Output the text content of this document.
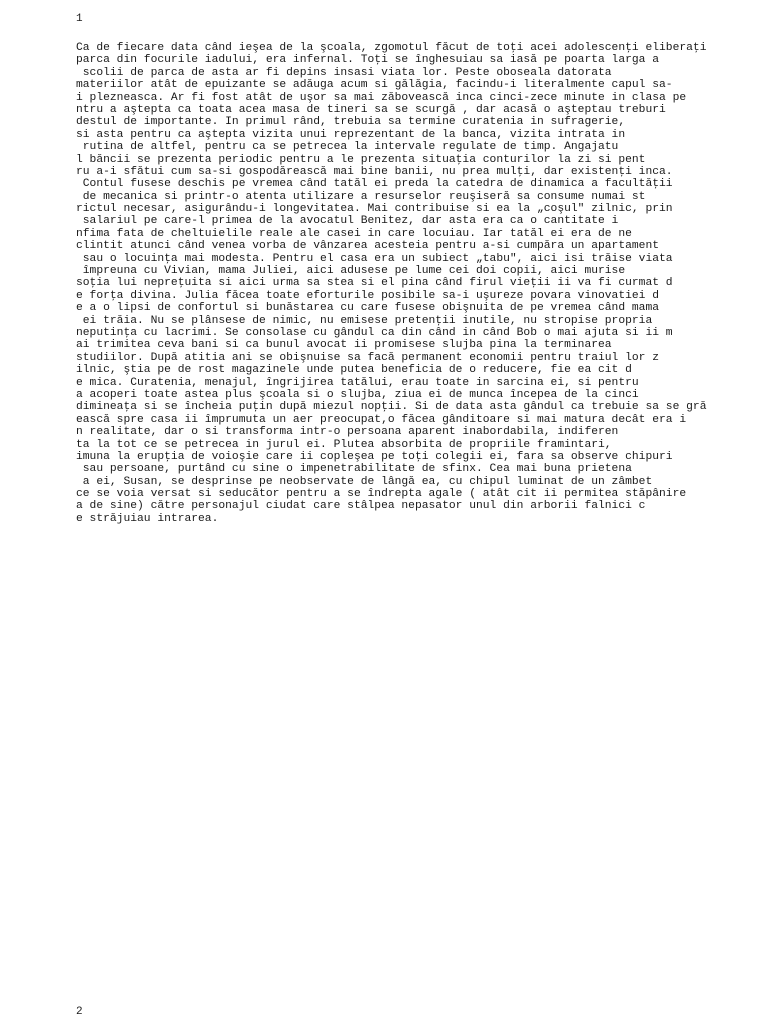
1
Ca de fiecare data când ieşea de la şcoala, zgomotul făcut de toţi acei adolescenţi eliberaţi
parca din focurile iadului, era infernal. Toţi se înghesuiau sa iasă pe poarta larga a
scolii de parca de asta ar fi depins insasi viata lor. Peste oboseala datorata
materiilor atât de epuizante se adăuga acum si gălăgia, facindu-i literalmente capul sa-
i plezneasca. Ar fi fost atât de uşor sa mai zăbovească inca cinci-zece minute in clasa pe
ntru a aştepta ca toata acea masa de tineri sa se scurgă , dar acasă o aşteptau treburi
destul de importante. In primul rând, trebuia sa termine curatenia in sufragerie,
si asta pentru ca aştepta vizita unui reprezentant de la banca, vizita intrata in
rutina de altfel, pentru ca se petrecea la intervale regulate de timp. Angajatu
l băncii se prezenta periodic pentru a le prezenta situaţia conturilor la zi si pent
ru a-i sfătui cum sa-si gospodărească mai bine banii, nu prea mulţi, dar existenţi inca.
Contul fusese deschis pe vremea când tatăl ei preda la catedra de dinamica a facultăţii
de mecanica si printr-o atenta utilizare a resurselor reuşiseră sa consume numai st
rictul necesar, asigurându-i longevitatea. Mai contribuise si ea la „coşul" zilnic, prin
salariul pe care-l primea de la avocatul Benitez, dar asta era ca o cantitate i
nfima fata de cheltuielile reale ale casei in care locuiau. Iar tatăl ei era de ne
clintit atunci când venea vorba de vânzarea acesteia pentru a-si cumpăra un apartament
sau o locuinţa mai modesta. Pentru el casa era un subiect „tabu", aici isi trăise viata
împreuna cu Vivian, mama Juliei, aici adusese pe lume cei doi copii, aici murise
soţia lui nepreţuita si aici urma sa stea si el pina când firul vieţii ii va fi curmat d
e forţa divina. Julia făcea toate eforturile posibile sa-i uşureze povara vinovatiei d
e a o lipsi de confortul si bunăstarea cu care fusese obişnuita de pe vremea când mama
ei trăia. Nu se plânsese de nimic, nu emisese pretenţii inutile, nu stropise propria
neputinţa cu lacrimi. Se consolase cu gândul ca din când in când Bob o mai ajuta si ii m
ai trimitea ceva bani si ca bunul avocat ii promisese slujba pina la terminarea
studiilor. După atitia ani se obişnuise sa facă permanent economii pentru traiul lor z
ilnic, ştia pe de rost magazinele unde putea beneficia de o reducere, fie ea cit d
e mica. Curatenia, menajul, îngrijirea tatălui, erau toate in sarcina ei, si pentru
a acoperi toate astea plus şcoala si o slujba, ziua ei de munca începea de la cinci
dimineaţa si se încheia puţin după miezul nopţii. Si de data asta gândul ca trebuie sa se gră
ească spre casa ii împrumuta un aer preocupat,o făcea gânditoare si mai matura decât era i
n realitate, dar o si transforma intr-o persoana aparent inabordabila, indiferen
ta la tot ce se petrecea in jurul ei. Plutea absorbita de propriile framintari,
imuna la erupţia de voioşie care ii copleşea pe toţi colegii ei, fara sa observe chipuri
sau persoane, purtând cu sine o impenetrabilitate de sfinx. Cea mai buna prietena
a ei, Susan, se desprinse pe neobservate de lângă ea, cu chipul luminat de un zâmbet
ce se voia versat si seducător pentru a se îndrepta agale ( atât cit ii permitea stăpânire
a de sine) către personajul ciudat care stâlpea nepasator unul din arborii falnici c
e străjuiau intrarea.
2
